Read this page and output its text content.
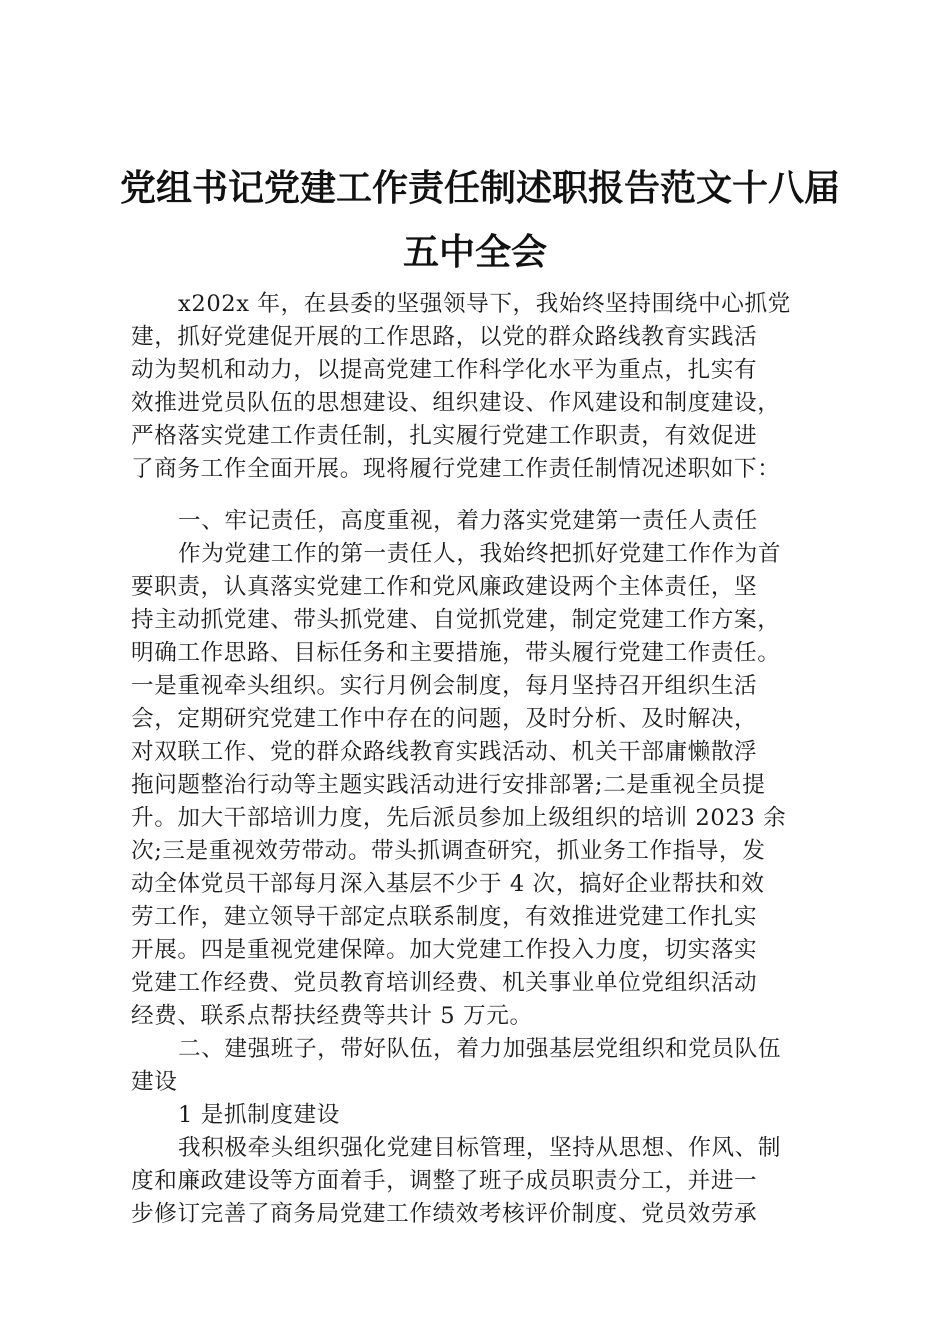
党组书记党建工作责任制述职报告范文十八届
五中全会
x202x 年，在县委的坚强领导下，我始终坚持围绕中心抓党
建，抓好党建促开展的工作思路，以党的群众路线教育实践活
动为契机和动力，以提高党建工作科学化水平为重点，扎实有
效推进党员队伍的思想建设、组织建设、作风建设和制度建设，
严格落实党建工作责任制，扎实履行党建工作职责，有效促进
了商务工作全面开展。现将履行党建工作责任制情况述职如下：
一、牢记责任，高度重视，着力落实党建第一责任人责任
作为党建工作的第一责任人，我始终把抓好党建工作作为首
要职责，认真落实党建工作和党风廉政建设两个主体责任，坚
持主动抓党建、带头抓党建、自觉抓党建，制定党建工作方案，
明确工作思路、目标任务和主要措施，带头履行党建工作责任。
一是重视牵头组织。实行月例会制度，每月坚持召开组织生活
会，定期研究党建工作中存在的问题，及时分析、及时解决，
对双联工作、党的群众路线教育实践活动、机关干部庸懒散浮
拖问题整治行动等主题实践活动进行安排部署;二是重视全员提
升。加大干部培训力度，先后派员参加上级组织的培训 2023 余
次;三是重视效劳带动。带头抓调查研究，抓业务工作指导，发
动全体党员干部每月深入基层不少于 4 次，搞好企业帮扶和效
劳工作，建立领导干部定点联系制度，有效推进党建工作扎实
开展。四是重视党建保障。加大党建工作投入力度，切实落实
党建工作经费、党员教育培训经费、机关事业单位党组织活动
经费、联系点帮扶经费等共计 5 万元。
二、建强班子，带好队伍，着力加强基层党组织和党员队伍
建设
1 是抓制度建设
我积极牵头组织强化党建目标管理，坚持从思想、作风、制
度和廉政建设等方面着手，调整了班子成员职责分工，并进一
步修订完善了商务局党建工作绩效考核评价制度、党员效劳承
